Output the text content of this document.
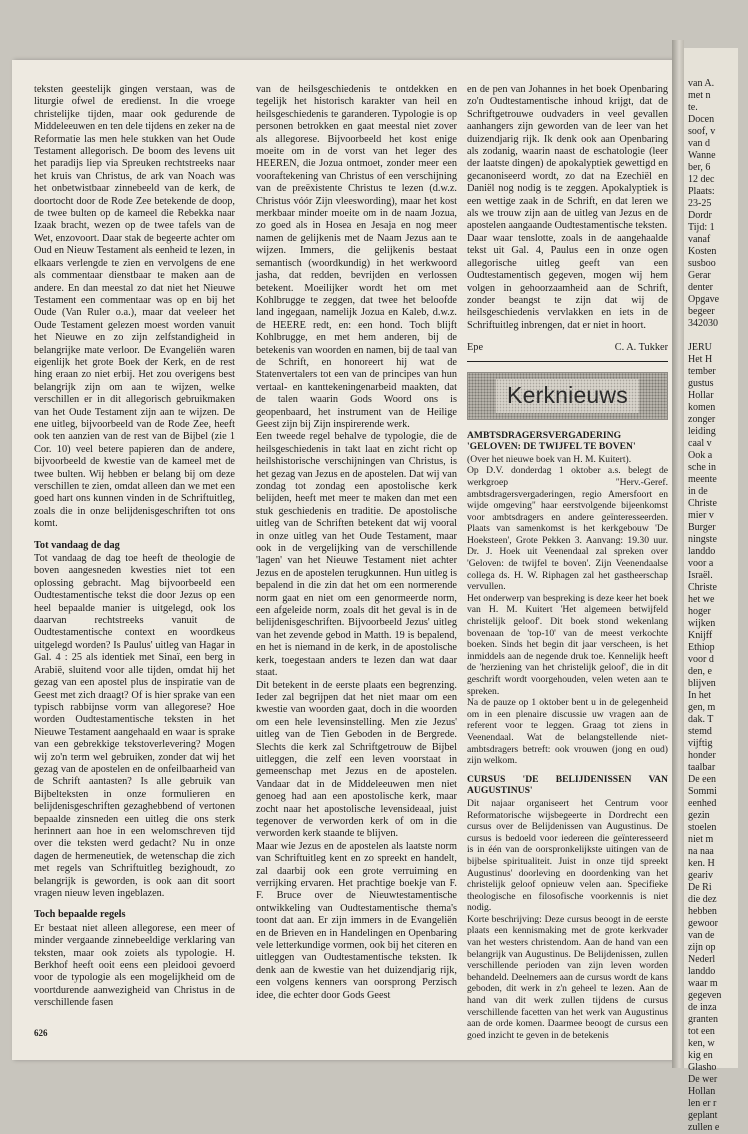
van A.
met n
te.
Docen
soof, v
van d
Wanne
ber, 6
12 dec
Plaats:
23-25
Dordr
Tijd: 1
vanaf
Kosten
susboo
Gerar
denter
Opgave
begeer
342030
JERU
Het H
tember
gustus
Hollar
komen
zonger
leiding
caal v
Ook a
sche in
meente
in de
Christe
mier v
Burger
ningste
landdo
voor a
Israël.
Christe
het we
hoger
wijken
Knijff
Ethiop
voor d
den, e
blijven
In het
gen, m
dak. T
stemd
vijftig
honder
taalbar
De een
Sommi
eenhed
gezin
stoelen
niet m
na naa
ken. H
geariv
De Ri
die dez
hebben
gewoor
van de
zijn op
Nederl
landdo
waar m
gegeven
de inza
granten
tot een
ken, w
kig en
Glasho
De wer
Hollan
len er r
geplant
zullen e

teksten geestelijk gingen verstaan, was de liturgie ofwel de eredienst. In die vroege christelijke tijden, maar ook gedurende de Middeleeuwen en ten dele tijdens en zeker na de Reformatie las men hele stukken van het Oude Testament allegorisch. De boom des levens uit het paradijs liep via Spreuken rechtstreeks naar het kruis van Christus, de ark van Noach was het onbetwistbaar zinnebeeld van de kerk, de doortocht door de Rode Zee betekende de doop, de twee bulten op de kameel die Rebekka naar Izaak bracht, wezen op de twee tafels van de Wet, enzovoort. Daar stak de begeerte achter om Oud en Nieuw Testament als eenheid te lezen, in elkaars verlengde te zien en vervolgens de ene als commentaar dienstbaar te maken aan de andere. En dan meestal zo dat niet het Nieuwe Testament een commentaar was op en bij het Oude (Van Ruler o.a.), maar dat veeleer het Oude Testament gelezen moest worden vanuit het Nieuwe en zo zijn zelfstandigheid in belangrijke mate verloor. De Evangeliën waren eigenlijk het grote Boek der Kerk, en de rest hing eraan zo niet erbij. Het zou overigens best belangrijk zijn om aan te wijzen, welke verschillen er in dit allegorisch gebruikmaken van het Oude Testament zijn aan te wijzen. De ene uitleg, bijvoorbeeld van de Rode Zee, heeft ook ten aanzien van de rest van de Bijbel (zie 1 Cor. 10) veel betere papieren dan de andere, bijvoorbeeld de kwestie van de kameel met de twee bulten. Wij hebben er belang bij om deze verschillen te zien, omdat alleen dan we met een goed hart ons kunnen vinden in de Schriftuitleg, zoals die in onze belijdenisgeschriften tot ons komt.

Tot vandaag de dag

Tot vandaag de dag toe heeft de theologie de boven aangesneden kwesties niet tot een oplossing gebracht. Mag bijvoorbeeld een Oudtestamentische tekst die door Jezus op een heel bepaalde manier is uitgelegd, ook los daarvan rechtstreeks vanuit de Oudtestamentische context en woordkeus uitgelegd worden? Is Paulus' uitleg van Hagar in Gal. 4 : 25 als identiek met Sinaï, een berg in Arabië, sluitend voor alle tijden, omdat hij het gezag van een apostel plus de inspiratie van de Geest met zich draagt? Of is hier sprake van een typisch rabbijnse vorm van allegorese? Hoe worden Oudtestamentische teksten in het Nieuwe Testament aangehaald en waar is sprake van een gebrekkige tekstoverlevering? Mogen wij zo'n term wel gebruiken, zonder dat wij het gezag van de apostelen en de onfeilbaarheid van de Schrift aantasten? Is alle gebruik van Bijbelteksten in onze formulieren en belijdenisgeschriften gezaghebbend of vertonen bepaalde zinsneden een uitleg die ons sterk herinnert aan hoe in een welomschreven tijd over die teksten werd gedacht? Nu in onze dagen de hermeneutiek, de wetenschap die zich met regels van Schriftuitleg bezighoudt, zo belangrijk is geworden, is ook aan dit soort vragen nieuw leven ingeblazen.

Toch bepaalde regels

Er bestaat niet alleen allegorese, een meer of minder vergaande zinnebeeldige verklaring van teksten, maar ook zoiets als typologie. H. Berkhof heeft ooit eens een pleidooi gevoerd voor de typologie als een mogelijkheid om de voortdurende aanwezigheid van Christus in de verschillende fasen

van de heilsgeschiedenis te ontdekken en tegelijk het historisch karakter van heil en heilsgeschiedenis te garanderen. Typologie is op personen betrokken en gaat meestal niet zover als allegorese. Bijvoorbeeld het kost enige moeite om in de vorst van het leger des HEEREN, die Jozua ontmoet, zonder meer een vooraftekening van Christus of een verschijning van de preëxistente Christus te lezen (d.w.z. Christus vóór Zijn vleeswording), maar het kost merkbaar minder moeite om in de naam Jozua, zo goed als in Hosea en Jesaja en nog meer namen de gelijkenis met de Naam Jezus aan te wijzen. Immers, die gelijkenis bestaat semantisch (woordkundig) in het werkwoord jasha, dat redden, bevrijden en verlossen betekent. Moeilijker wordt het om met Kohlbrugge te zeggen, dat twee het beloofde land ingegaan, namelijk Jozua en Kaleb, d.w.z. de HEERE redt, en: een hond. Toch blijft Kohlbrugge, en met hem anderen, bij de betekenis van woorden en namen, bij de taal van de Schrift, en honoreert hij wat de Statenvertalers tot een van de principes van hun vertaal- en kanttekeningenarbeid maakten, dat de talen waarin Gods Woord ons is geopenbaard, het instrument van de Heilige Geest zijn bij Zijn inspirerende werk.

Een tweede regel behalve de typologie, die de heilsgeschiedenis in takt laat en zicht richt op heilshistorische verschijningen van Christus, is het gezag van Jezus en de apostelen. Dat wij van zondag tot zondag een apostolische kerk belijden, heeft met meer te maken dan met een stuk geschiedenis en traditie. De apostolische uitleg van de Schriften betekent dat wij vooral in onze uitleg van het Oude Testament, maar ook in de vergelijking van de verschillende 'lagen' van het Nieuwe Testament niet achter Jezus en de apostelen terugkunnen. Hun uitleg is bepalend in die zin dat het om een normerende norm gaat en niet om een genormeerde norm, een afgeleide norm, zoals dit het geval is in de belijdenisgeschriften. Bijvoorbeeld Jezus' uitleg van het zevende gebod in Matth. 19 is bepalend, en het is niemand in de kerk, in de apostolische kerk, toegestaan anders te lezen dan wat daar staat.

Dit betekent in de eerste plaats een begrenzing. Ieder zal begrijpen dat het niet maar om een kwestie van woorden gaat, doch in die woorden om een hele levensinstelling. Men zie Jezus' uitleg van de Tien Geboden in de Bergrede. Slechts die kerk zal Schriftgetrouw de Bijbel uitleggen, die zelf een leven voorstaat in gemeenschap met Jezus en de apostelen. Vandaar dat in de Middeleeuwen men niet genoeg had aan een apostolische kerk, maar zocht naar het apostolische levensideaal, juist tegenover de verworden kerk of om in die verworden kerk staande te blijven.

Maar wie Jezus en de apostelen als laatste norm van Schriftuitleg kent en zo spreekt en handelt, zal daarbij ook een grote verruiming en verrijking ervaren. Het prachtige boekje van F. F. Bruce over de Nieuwtestamentische ontwikkeling van Oudtestamentische thema's toont dat aan. Er zijn immers in de Evangeliën en de Brieven en in Handelingen en Openbaring vele letterkundige vormen, ook bij het citeren en uitleggen van Oudtestamentische teksten. Ik denk aan de kwestie van het duizendjarig rijk, een volgens kenners van oorsprong Perzisch idee, die echter door Gods Geest

en de pen van Johannes in het boek Openbaring zo'n Oudtestamentische inhoud krijgt, dat de Schriftgetrouwe oudvaders in veel gevallen aanhangers zijn geworden van de leer van het duizendjarig rijk. Ik denk ook aan Openbaring als zodanig, waarin naast de eschatologie (leer der laatste dingen) de apokalyptiek gewettigd en gecanoniseerd wordt, zo dat na Ezechiël en Daniël nog nodig is te zeggen. Apokalyptiek is een wettige zaak in de Schrift, en dat leren we als we trouw zijn aan de uitleg van Jezus en de apostelen aangaande Oudtestamentische teksten.

Daar waar tenslotte, zoals in de aangehaalde tekst uit Gal. 4, Paulus een in onze ogen allegorische uitleg geeft van een Oudtestamentisch gegeven, mogen wij hem volgen in gehoorzaamheid aan de Schrift, zonder beangst te zijn dat wij de heilsgeschiedenis vervlakken en iets in de Schriftuitleg inbrengen, dat er niet in hoort.

Epe	C. A. Tukker
Kerknieuws
AMBTSDRAGERSVERGADERING 'GELOVEN: DE TWIJFEL TE BOVEN'

(Over het nieuwe boek van H. M. Kuitert).

Op D.V. donderdag 1 oktober a.s. belegt de werkgroep "Herv.-Geref. ambtsdragersvergaderingen, regio Amersfoort en wijde omgeving" haar eerstvolgende bijeenkomst voor ambtsdragers en andere geïnteresseerden. Plaats van samenkomst is het kerkgebouw 'De Hoeksteen', Grote Pekken 3. Aanvang: 19.30 uur. Dr. J. Hoek uit Veenendaal zal spreken over 'Geloven: de twijfel te boven'. Zijn Veenendaalse collega ds. H. W. Riphagen zal het gastheerschap vervullen.

Het onderwerp van bespreking is deze keer het boek van H. M. Kuitert 'Het algemeen betwijfeld christelijk geloof'. Dit boek stond wekenlang bovenaan de 'top-10' van de meest verkochte boeken. Sinds het begin dit jaar verscheen, is het inmiddels aan de negende druk toe. Kennelijk heeft de 'herziening van het christelijk geloof', die in dit geschrift wordt voorgehouden, velen weten aan te spreken.

Na de pauze op 1 oktober bent u in de gelegenheid om in een plenaire discussie uw vragen aan de referent voor te leggen. Graag tot ziens in Veenendaal. Wat de belangstellende niet-ambtsdragers betreft: ook vrouwen (jong en oud) zijn welkom.

CURSUS 'DE BELIJDENISSEN VAN AUGUSTINUS'

Dit najaar organiseert het Centrum voor Reformatorische wijsbegeerte in Dordrecht een cursus over de Belijdenissen van Augustinus. De cursus is bedoeld voor iedereen die geïnteresseerd is in één van de oorspronkelijkste uitingen van de bijbelse spiritualiteit. Juist in onze tijd spreekt Augustinus' doorleving en doordenking van het christelijk geloof opnieuw velen aan. Specifieke theologische en filosofische voorkennis is niet nodig.

Korte beschrijving: Deze cursus beoogt in de eerste plaats een kennismaking met de grote kerkvader van het westers christendom. Aan de hand van een belangrijk van Augustinus. De Belijdenissen, zullen verschillende perioden van zijn leven worden behandeld. Deelnemers aan de cursus wordt de kans geboden, dit werk in z'n geheel te lezen. Aan de hand van dit werk zullen tijdens de cursus verschillende facetten van het werk van Augustinus aan de orde komen. Daarmee beoogt de cursus een goed inzicht te geven in de betekenis

626
